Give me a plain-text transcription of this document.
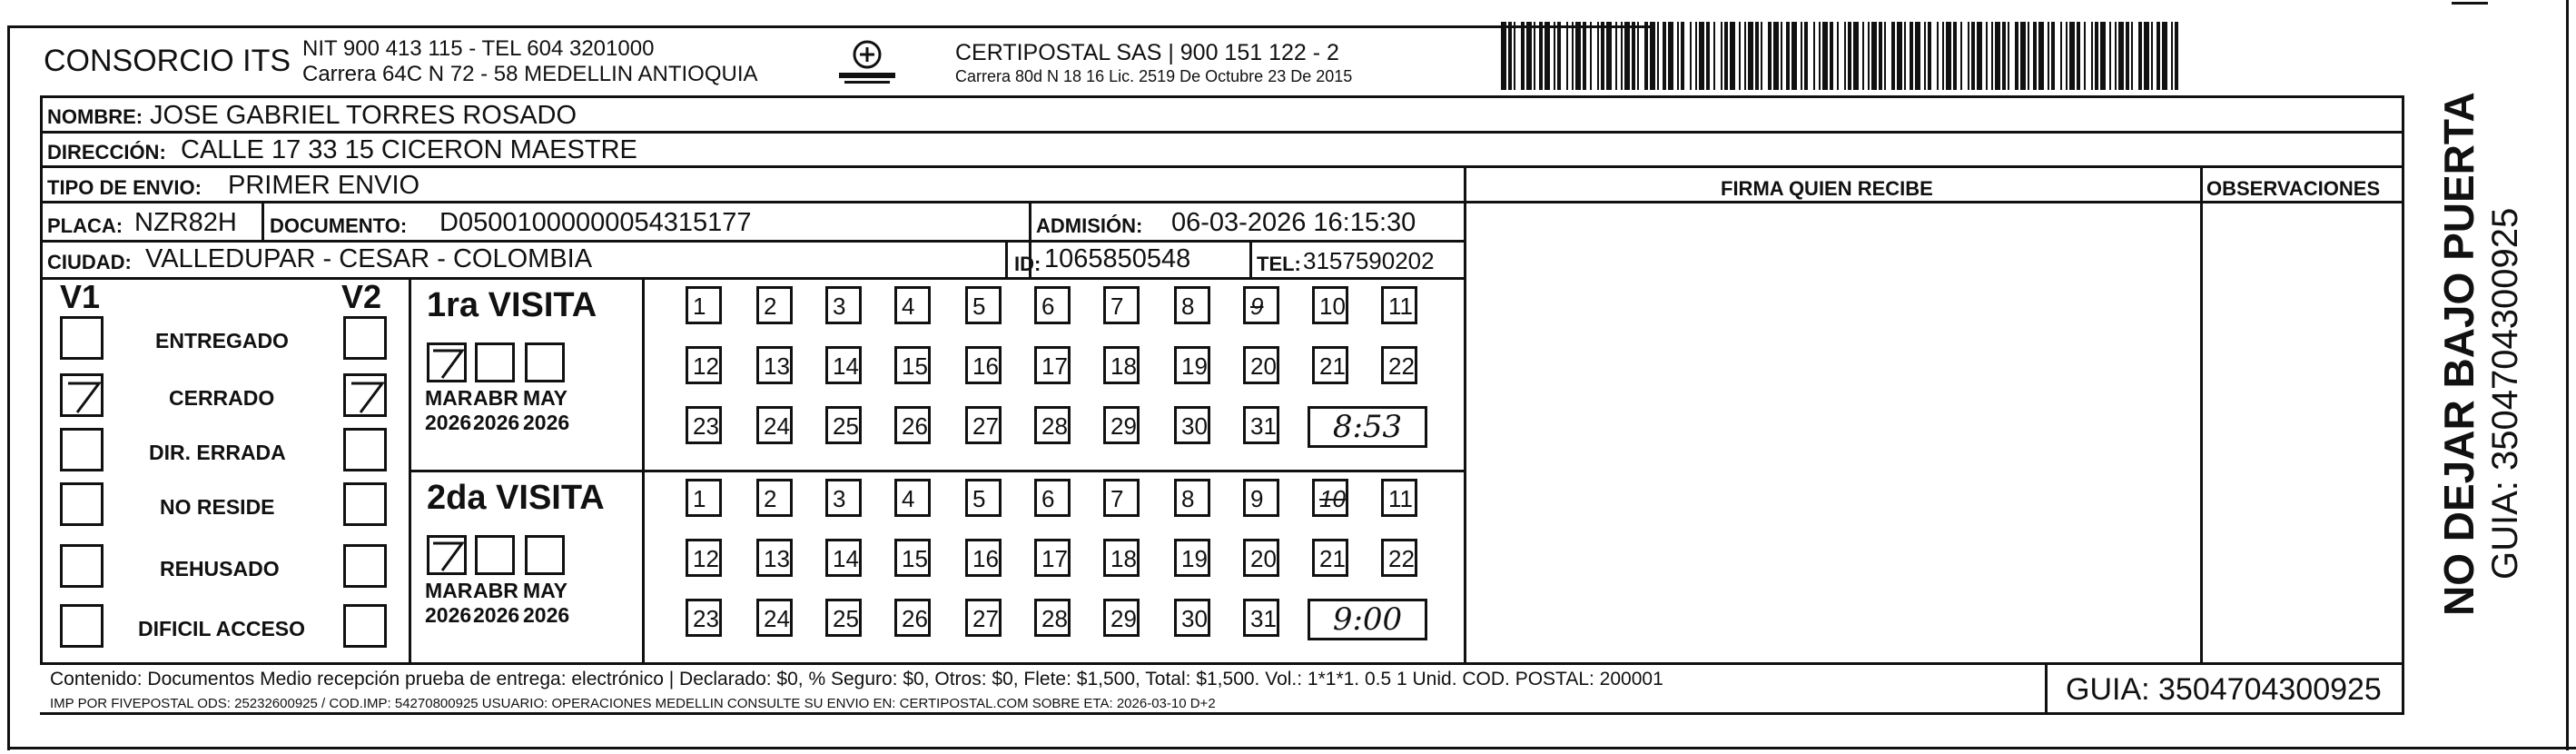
CONSORCIO ITS NIT 900 413 115 - TEL 604 3201000
Carrera 64C N 72 - 58 MEDELLIN ANTIOQUIA
CERTIPOSTAL SAS | 900 151 122 - 2
Carrera 80d N 18 16 Lic. 2519 De Octubre 23 De 2015
NOMBRE: JOSE GABRIEL TORRES ROSADO
DIRECCIÓN: CALLE 17 33 15 CICERON MAESTRE
TIPO DE ENVIO: PRIMER ENVIO	FIRMA QUIEN RECIBE	OBSERVACIONES
PLACA: NZR82H DOCUMENTO: D05001000000054315177	ADMISIÓN: 06-03-2026 16:15:30
CIUDAD: VALLEDUPAR - CESAR - COLOMBIA	ID: 1065850548	TEL: 3157590202
V1	V2
ENTREGADO
CERRADO
DIR. ERRADA
NO RESIDE
REHUSADO
DIFICIL ACCESO
1ra VISITA
MAR
2026
ABR
2026
MAY
2026
1	2	3	4	5	6	7	8	9	10	11
12	13	14	15	16	17	18	19	20	21	22
23	24	25	26	27	28	29	30	31	8:53
2da VISITA
MAR
2026
ABR
2026
MAY
2026
1	2	3	4	5	6	7	8	9	10	11
12	13	14	15	16	17	18	19	20	21	22
23	24	25	26	27	28	29	30	31	9:00
Contenido: Documentos Medio recepción prueba de entrega: electrónico | Declarado: $0, % Seguro: $0, Otros: $0, Flete: $1,500, Total: $1,500. Vol.: 1*1*1. 0.5 1 Unid. COD. POSTAL: 200001
IMP POR FIVEPOSTAL ODS: 25232600925 / COD.IMP: 54270800925 USUARIO: OPERACIONES MEDELLIN CONSULTE SU ENVIO EN: CERTIPOSTAL.COM SOBRE ETA: 2026-03-10 D+2	GUIA: 3504704300925
NO DEJAR BAJO PUERTA GUIA: 3504704300925
